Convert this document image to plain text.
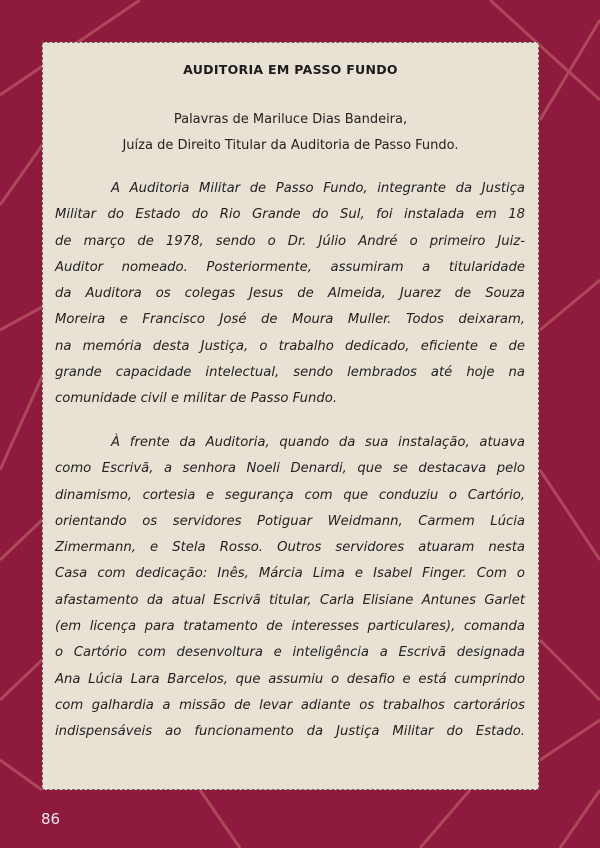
AUDITORIA EM PASSO FUNDO
Palavras de Mariluce Dias Bandeira,
Juíza de Direito Titular da Auditoria de Passo Fundo.
A Auditoria Militar de Passo Fundo, integrante da Justiça
Militar do Estado do Rio Grande do Sul, foi instalada em 18
de março de 1978, sendo o Dr. Júlio André o primeiro Juiz-
Auditor nomeado. Posteriormente, assumiram a titularidade
da Auditora os colegas Jesus de Almeida, Juarez de Souza
Moreira e Francisco José de Moura Muller. Todos deixaram,
na memória desta Justiça, o trabalho dedicado, eficiente e de
grande capacidade intelectual, sendo lembrados até hoje na
comunidade civil e militar de Passo Fundo.
À frente da Auditoria, quando da sua instalação, atuava
como Escrivã, a senhora Noeli Denardi, que se destacava pelo
dinamismo, cortesia e segurança com que conduziu o Cartório,
orientando os servidores Potiguar Weidmann, Carmem Lúcia
Zimermann, e Stela Rosso. Outros servidores atuaram nesta
Casa com dedicação: Inês, Márcia Lima e Isabel Finger. Com o
afastamento da atual Escrivã titular, Carla Elisiane Antunes Garlet
(em licença para tratamento de interesses particulares), comanda
o Cartório com desenvoltura e inteligência a Escrivã designada
Ana Lúcia Lara Barcelos, que assumiu o desafio e está cumprindo
com galhardia a missão de levar adiante os trabalhos cartorários
indispensáveis ao funcionamento da Justiça Militar do Estado.
86
